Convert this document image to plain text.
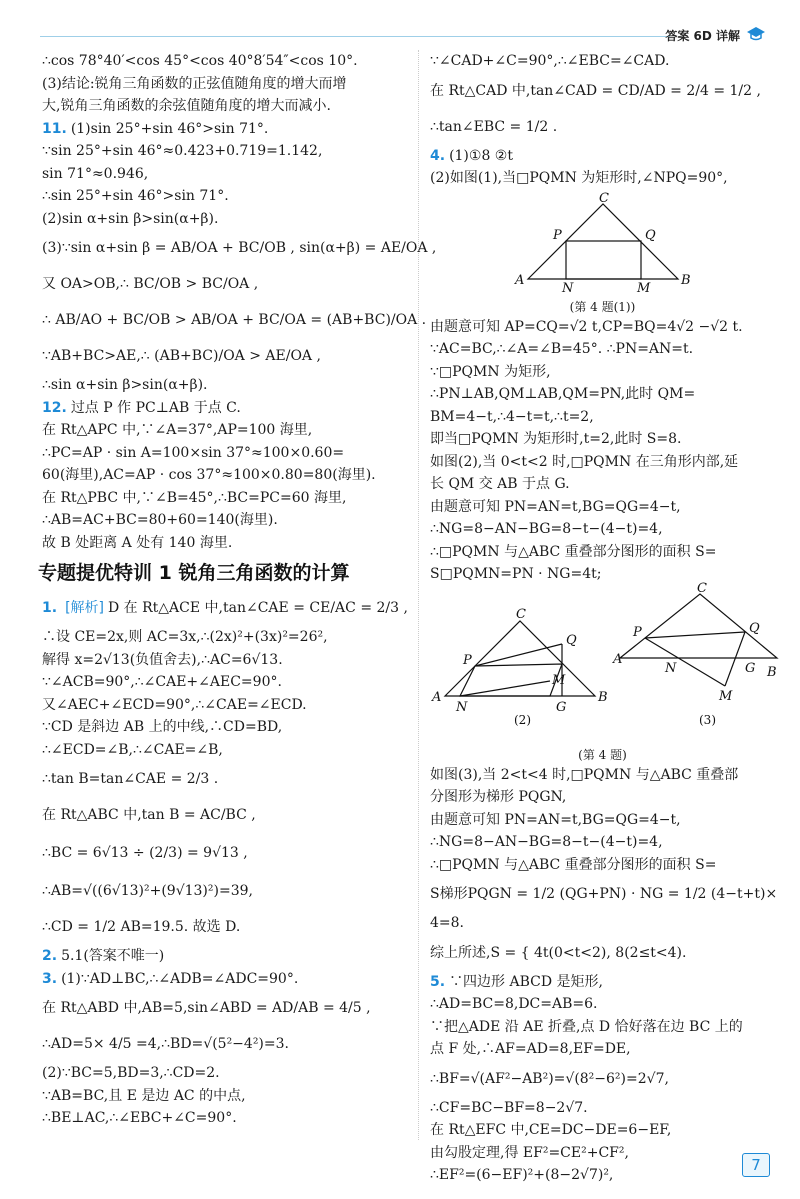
答案 6D 详解
∴cos 78°40′<cos 45°<cos 40°8′54″<cos 10°.
(3)结论:锐角三角函数的正弦值随角度的增大而增
大,锐角三角函数的余弦值随角度的增大而减小.
11. (1)sin 25°+sin 46°>sin 71°.
∵sin 25°+sin 46°≈0.423+0.719=1.142,
sin 71°≈0.946,
∴sin 25°+sin 46°>sin 71°.
(2)sin α+sin β>sin(α+β).
(3)∵sin α+sin β = AB/OA + BC/OB , sin(α+β) = AE/OA ,
又 OA>OB,∴ BC/OB > BC/OA ,
∴ AB/AO + BC/OB > AB/OA + BC/OA = (AB+BC)/OA .
∵AB+BC>AE,∴ (AB+BC)/OA > AE/OA ,
∴sin α+sin β>sin(α+β).
12. 过点 P 作 PC⊥AB 于点 C.
在 Rt△APC 中,∵∠A=37°,AP=100 海里,
∴PC=AP · sin A=100×sin 37°≈100×0.60=
60(海里),AC=AP · cos 37°≈100×0.80=80(海里).
在 Rt△PBC 中,∵∠B=45°,∴BC=PC=60 海里,
∴AB=AC+BC=80+60=140(海里).
故 B 处距离 A 处有 140 海里.
专题提优特训 1 锐角三角函数的计算
1. [解析] D 在 Rt△ACE 中,tan∠CAE = CE/AC = 2/3 ,
∴设 CE=2x,则 AC=3x,∴(2x)²+(3x)²=26²,
解得 x=2√13(负值舍去),∴AC=6√13.
∵∠ACB=90°,∴∠CAE+∠AEC=90°.
又∠AEC+∠ECD=90°,∴∠CAE=∠ECD.
∵CD 是斜边 AB 上的中线,∴CD=BD,
∴∠ECD=∠B,∴∠CAE=∠B,
∴tan B=tan∠CAE = 2/3 .
在 Rt△ABC 中,tan B = AC/BC ,
∴BC = 6√13 ÷ (2/3) = 9√13 ,
∴AB=√((6√13)²+(9√13)²)=39,
∴CD = 1/2 AB=19.5. 故选 D.
2. 5.1(答案不唯一)
3. (1)∵AD⊥BC,∴∠ADB=∠ADC=90°.
在 Rt△ABD 中,AB=5,sin∠ABD = AD/AB = 4/5 ,
∴AD=5× 4/5 =4,∴BD=√(5²−4²)=3.
(2)∵BC=5,BD=3,∴CD=2.
∵AB=BC,且 E 是边 AC 的中点,
∴BE⊥AC,∴∠EBC+∠C=90°.
∵∠CAD+∠C=90°,∴∠EBC=∠CAD.
在 Rt△CAD 中,tan∠CAD = CD/AD = 2/4 = 1/2 ,
∴tan∠EBC = 1/2 .
4. (1)①8 ②t
(2)如图(1),当□PQMN 为矩形时,∠NPQ=90°,
C
A	B
P	Q
N	M
(第 4 题(1))
由题意可知 AP=CQ=√2 t,CP=BQ=4√2 −√2 t.
∵AC=BC,∴∠A=∠B=45°. ∴PN=AN=t.
∵□PQMN 为矩形,
∴PN⊥AB,QM⊥AB,QM=PN,此时 QM=
BM=4−t,∴4−t=t,∴t=2,
即当□PQMN 为矩形时,t=2,此时 S=8.
如图(2),当 0<t<2 时,□PQMN 在三角形内部,延
长 QM 交 AB 于点 G.
由题意可知 PN=AN=t,BG=QG=4−t,
∴NG=8−AN−BG=8−t−(4−t)=4,
∴□PQMN 与△ABC 重叠部分图形的面积 S=
S□PQMN=PN · NG=4t;
C
A	B
P
Q
M
N	G
(2)
C
A
B
P	Q
N	G
M
(3)
(第 4 题)
如图(3),当 2<t<4 时,□PQMN 与△ABC 重叠部
分图形为梯形 PQGN,
由题意可知 PN=AN=t,BG=QG=4−t,
∴NG=8−AN−BG=8−t−(4−t)=4,
∴□PQMN 与△ABC 重叠部分图形的面积 S=
S梯形PQGN = 1/2 (QG+PN) · NG = 1/2 (4−t+t)×
4=8.
综上所述,S = { 4t(0<t<2), 8(2≤t<4).
5. ∵四边形 ABCD 是矩形,
∴AD=BC=8,DC=AB=6.
∵把△ADE 沿 AE 折叠,点 D 恰好落在边 BC 上的
点 F 处,∴AF=AD=8,EF=DE,
∴BF=√(AF²−AB²)=√(8²−6²)=2√7,
∴CF=BC−BF=8−2√7.
在 Rt△EFC 中,CE=DC−DE=6−EF,
由勾股定理,得 EF²=CE²+CF²,
∴EF²=(6−EF)²+(8−2√7)²,
7
